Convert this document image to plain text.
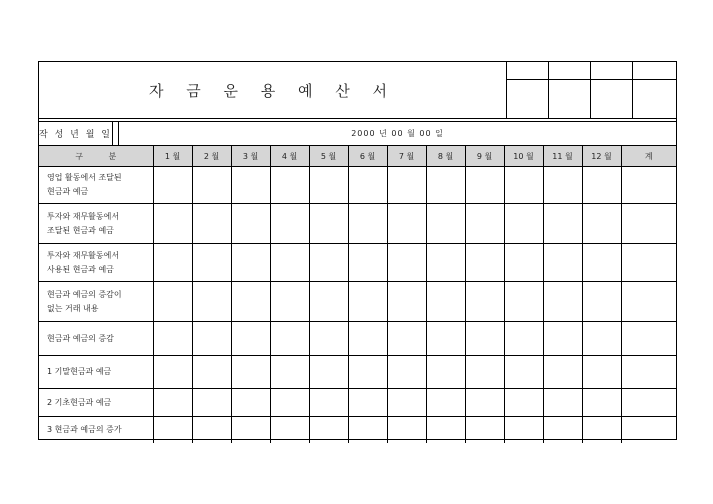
자 금 운 용 예 산 서
작 성 년 월 일	2000 년 00 월 00 일
구          분	1 월	2 월	3 월	4 월	5 월	6 월	7 월	8 월	9 월	10 월	11 월	12 월	계
영업 활동에서 조달된
현금과 예금													
투자와 재무활동에서
조달된 현금과 예금													
투자와 재무활동에서
사용된 현금과 예금													
현금과 예금의 증감이
없는 거래 내용													
현금과 예금의 증감													
1 기말현금과 예금													
2 기초현금과 예금													
3 현금과 예금의 증가													
